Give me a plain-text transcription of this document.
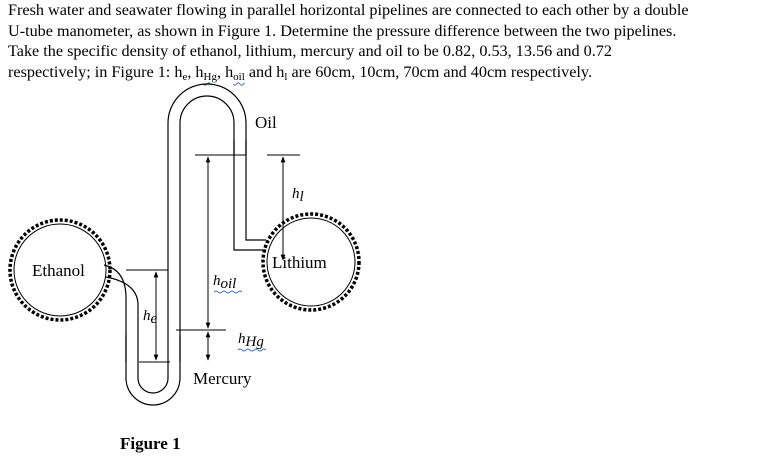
Fresh water and seawater flowing in parallel horizontal pipelines are connected to each other by a double

U-tube manometer, as shown in Figure 1. Determine the pressure difference between the two pipelines.

Take the specific density of ethanol, lithium, mercury and oil to be 0.82, 0.53, 13.56 and 0.72

respectively; in Figure 1: $h_e$, $h_{Hg}$, $h_{oil}$ and $h_l$ are 60cm, 10cm, 70cm and 40cm respectively.

Oil
Ethanol	Lithium
Mercury
hl
hoil
he
hHg
Figure 1
